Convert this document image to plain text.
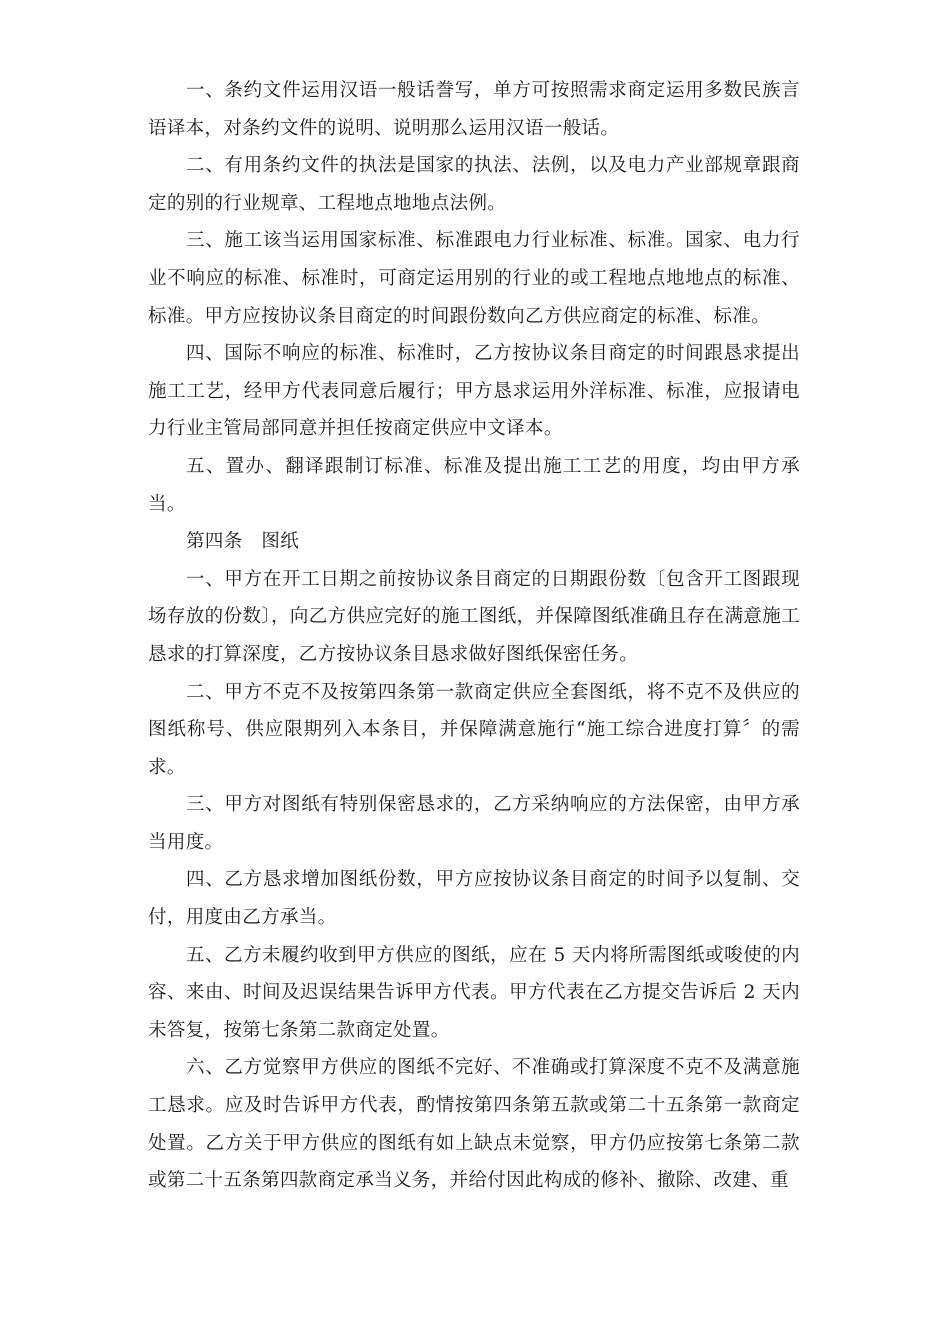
一、条约文件运用汉语一般话誊写，单方可按照需求商定运用多数民族言语译本，对条约文件的说明、说明那么运用汉语一般话。

二、有用条约文件的执法是国家的执法、法例，以及电力产业部规章跟商定的别的行业规章、工程地点地地点法例。

三、施工该当运用国家标准、标准跟电力行业标准、标准。国家、电力行业不响应的标准、标准时，可商定运用别的行业的或工程地点地地点的标准、标准。甲方应按协议条目商定的时间跟份数向乙方供应商定的标准、标准。

四、国际不响应的标准、标准时，乙方按协议条目商定的时间跟恳求提出施工工艺，经甲方代表同意后履行；甲方恳求运用外洋标准、标准，应报请电力行业主管局部同意并担任按商定供应中文译本。

五、置办、翻译跟制订标准、标准及提出施工工艺的用度，均由甲方承当。

第四条　图纸

一、甲方在开工日期之前按协议条目商定的日期跟份数〔包含开工图跟现场存放的份数〕，向乙方供应完好的施工图纸，并保障图纸准确且存在满意施工恳求的打算深度，乙方按协议条目恳求做好图纸保密任务。

二、甲方不克不及按第四条第一款商定供应全套图纸，将不克不及供应的图纸称号、供应限期列入本条目，并保障满意施行“施工综合进度打算〞的需求。

三、甲方对图纸有特别保密恳求的，乙方采纳响应的方法保密，由甲方承当用度。

四、乙方恳求增加图纸份数，甲方应按协议条目商定的时间予以复制、交付，用度由乙方承当。

五、乙方未履约收到甲方供应的图纸，应在 5 天内将所需图纸或唆使的内容、来由、时间及迟误结果告诉甲方代表。甲方代表在乙方提交告诉后 2 天内未答复，按第七条第二款商定处置。

六、乙方觉察甲方供应的图纸不完好、不准确或打算深度不克不及满意施工恳求。应及时告诉甲方代表，酌情按第四条第五款或第二十五条第一款商定处置。乙方关于甲方供应的图纸有如上缺点未觉察，甲方仍应按第七条第二款或第二十五条第四款商定承当义务，并给付因此构成的修补、撤除、改建、重
